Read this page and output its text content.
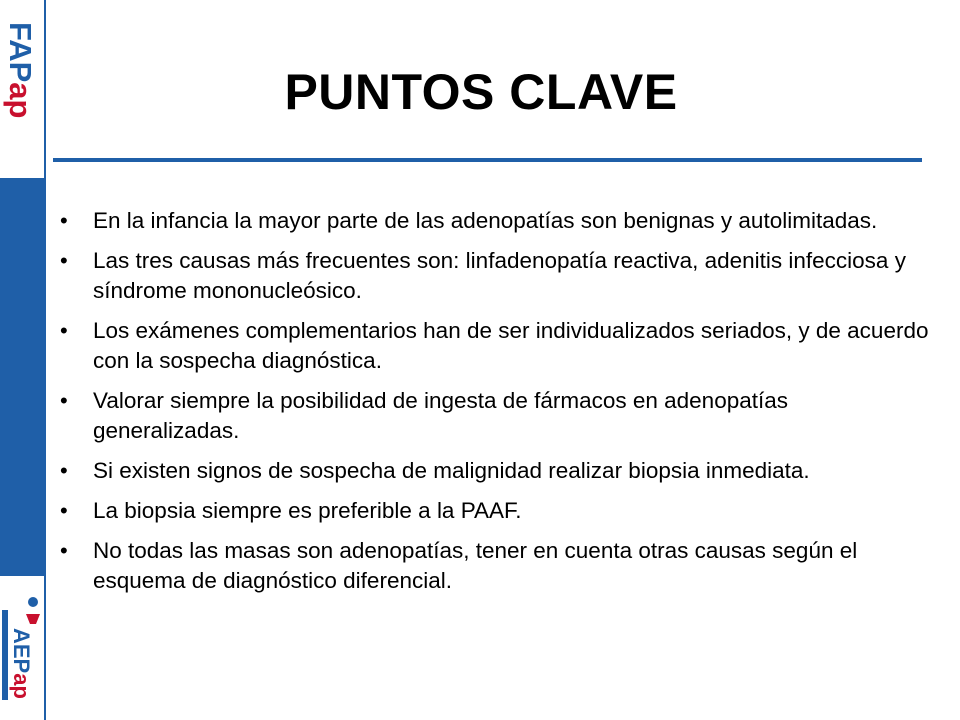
FAPap
AEPap
PUNTOS CLAVE
• En la infancia la mayor parte de las adenopatías son benignas y autolimitadas.
• Las tres causas más frecuentes son: linfadenopatía reactiva, adenitis infecciosa y síndrome mononucleósico.
• Los exámenes complementarios han de ser individualizados seriados, y de acuerdo con la sospecha diagnóstica.
• Valorar siempre la posibilidad de ingesta de fármacos en adenopatías generalizadas.
• Si existen signos de sospecha de malignidad realizar biopsia inmediata.
• La biopsia siempre es preferible a la PAAF.
• No todas las masas son adenopatías, tener en cuenta otras causas según el esquema de diagnóstico diferencial.
